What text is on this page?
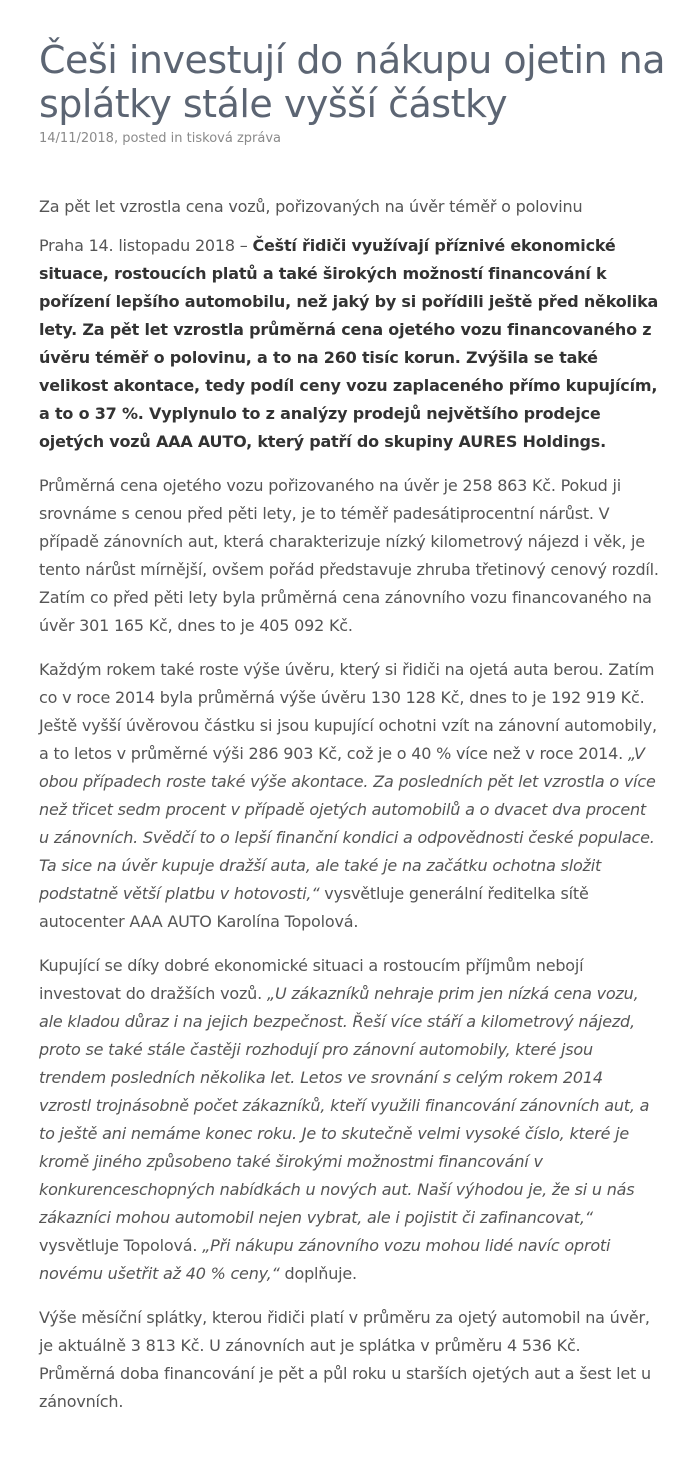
Češi investují do nákupu ojetin na splátky stále vyšší částky
14/11/2018, posted in tisková zpráva

Za pět let vzrostla cena vozů, pořizovaných na úvěr téměř o polovinu

Praha 14. listopadu 2018 – Čeští řidiči využívají příznivé ekonomické situace, rostoucích platů a také širokých možností financování k pořízení lepšího automobilu, než jaký by si pořídili ještě před několika lety. Za pět let vzrostla průměrná cena ojetého vozu financovaného z úvěru téměř o polovinu, a to na 260 tisíc korun. Zvýšila se také velikost akontace, tedy podíl ceny vozu zaplaceného přímo kupujícím, a to o 37 %. Vyplynulo to z analýzy prodejů největšího prodejce ojetých vozů AAA AUTO, který patří do skupiny AURES Holdings.

Průměrná cena ojetého vozu pořizovaného na úvěr je 258 863 Kč. Pokud ji srovnáme s cenou před pěti lety, je to téměř padesátiprocentní nárůst. V případě zánovních aut, která charakterizuje nízký kilometrový nájezd i věk, je tento nárůst mírnější, ovšem pořád představuje zhruba třetinový cenový rozdíl. Zatím co před pěti lety byla průměrná cena zánovního vozu financovaného na úvěr 301 165 Kč, dnes to je 405 092 Kč.

Každým rokem také roste výše úvěru, který si řidiči na ojetá auta berou. Zatím co v roce 2014 byla průměrná výše úvěru 130 128 Kč, dnes to je 192 919 Kč. Ještě vyšší úvěrovou částku si jsou kupující ochotni vzít na zánovní automobily, a to letos v průměrné výši 286 903 Kč, což je o 40 % více než v roce 2014. „V obou případech roste také výše akontace. Za posledních pět let vzrostla o více než třicet sedm procent v případě ojetých automobilů a o dvacet dva procent u zánovních. Svědčí to o lepší finanční kondici a odpovědnosti české populace. Ta sice na úvěr kupuje dražší auta, ale také je na začátku ochotna složit podstatně větší platbu v hotovosti,“ vysvětluje generální ředitelka sítě autocenter AAA AUTO Karolína Topolová.

Kupující se díky dobré ekonomické situaci a rostoucím příjmům nebojí investovat do dražších vozů. „U zákazníků nehraje prim jen nízká cena vozu, ale kladou důraz i na jejich bezpečnost. Řeší více stáří a kilometrový nájezd, proto se také stále častěji rozhodují pro zánovní automobily, které jsou trendem posledních několika let. Letos ve srovnání s celým rokem 2014 vzrostl trojnásobně počet zákazníků, kteří využili financování zánovních aut, a to ještě ani nemáme konec roku. Je to skutečně velmi vysoké číslo, které je kromě jiného způsobeno také širokými možnostmi financování v konkurenceschopných nabídkách u nových aut. Naší výhodou je, že si u nás zákazníci mohou automobil nejen vybrat, ale i pojistit či zafinancovat,“ vysvětluje Topolová. „Při nákupu zánovního vozu mohou lidé navíc oproti novému ušetřit až 40 % ceny,“ doplňuje.

Výše měsíční splátky, kterou řidiči platí v průměru za ojetý automobil na úvěr, je aktuálně 3 813 Kč. U zánovních aut je splátka v průměru 4 536 Kč. Průměrná doba financování je pět a půl roku u starších ojetých aut a šest let u zánovních.
